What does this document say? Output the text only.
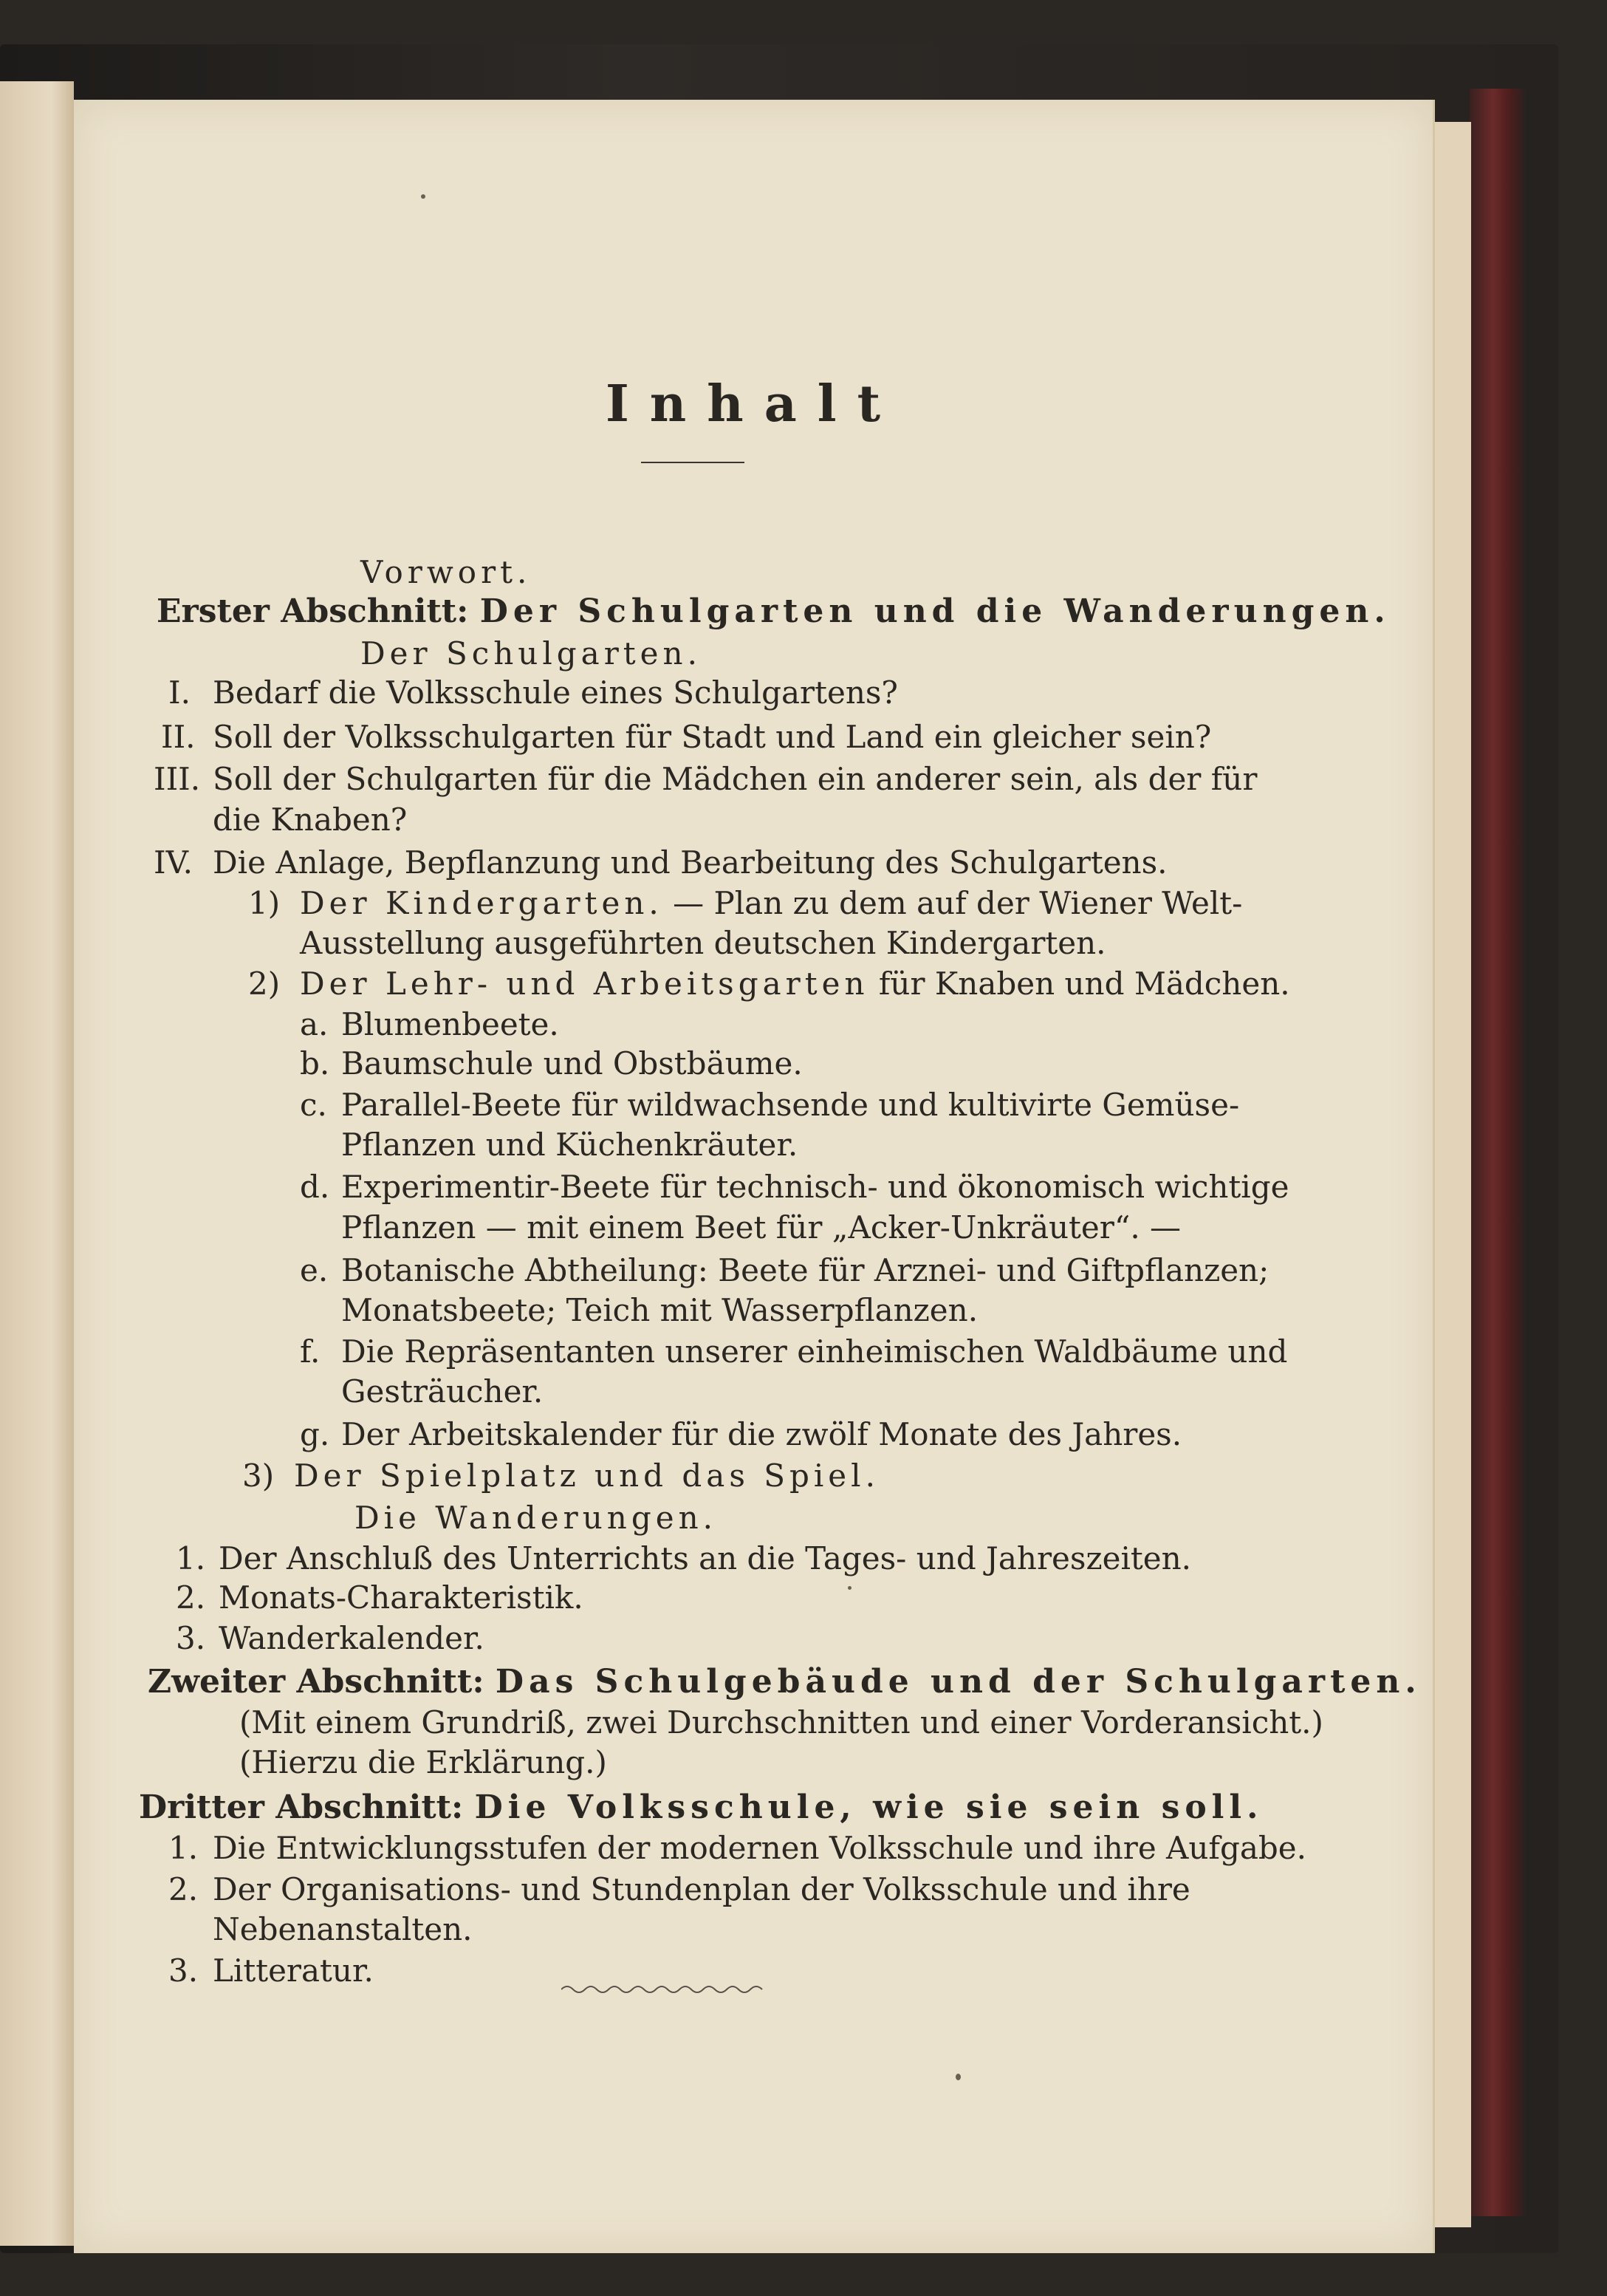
Inhalt
Vorwort.
Erster Abschnitt: Der Schulgarten und die Wanderungen.
Der Schulgarten.
I. Bedarf die Volksschule eines Schulgartens?
II. Soll der Volksschulgarten für Stadt und Land ein gleicher sein?
III. Soll der Schulgarten für die Mädchen ein anderer sein, als der für
die Knaben?
IV. Die Anlage, Bepflanzung und Bearbeitung des Schulgartens.
1) Der Kindergarten. — Plan zu dem auf der Wiener Welt-
Ausstellung ausgeführten deutschen Kindergarten.
2) Der Lehr- und Arbeitsgarten für Knaben und Mädchen.
a. Blumenbeete.
b. Baumschule und Obstbäume.
c. Parallel-Beete für wildwachsende und kultivirte Gemüse-
Pflanzen und Küchenkräuter.
d. Experimentir-Beete für technisch- und ökonomisch wichtige
Pflanzen — mit einem Beet für „Acker-Unkräuter“. —
e. Botanische Abtheilung: Beete für Arznei- und Giftpflanzen;
Monatsbeete; Teich mit Wasserpflanzen.
f. Die Repräsentanten unserer einheimischen Waldbäume und
Gesträucher.
g. Der Arbeitskalender für die zwölf Monate des Jahres.
3) Der Spielplatz und das Spiel.
Die Wanderungen.
1. Der Anschluß des Unterrichts an die Tages- und Jahreszeiten.
2. Monats-Charakteristik.
3. Wanderkalender.
Zweiter Abschnitt: Das Schulgebäude und der Schulgarten.
(Mit einem Grundriß, zwei Durchschnitten und einer Vorderansicht.)
(Hierzu die Erklärung.)
Dritter Abschnitt: Die Volksschule, wie sie sein soll.
1. Die Entwicklungsstufen der modernen Volksschule und ihre Aufgabe.
2. Der Organisations- und Stundenplan der Volksschule und ihre
Nebenanstalten.
3. Litteratur.
